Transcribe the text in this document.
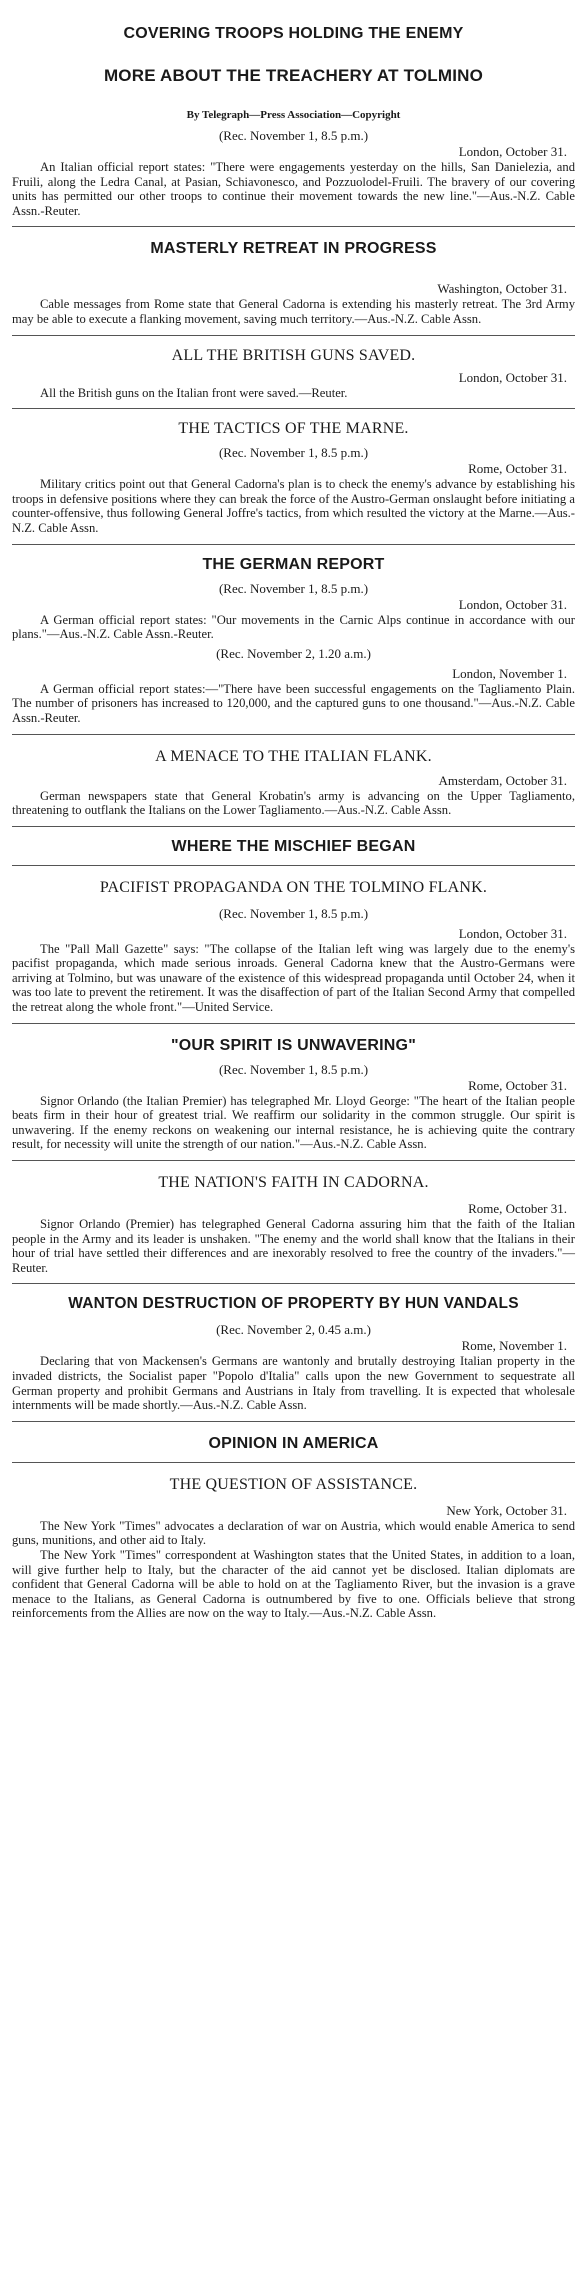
COVERING TROOPS HOLDING THE ENEMY
MORE ABOUT THE TREACHERY AT TOLMINO

By Telegraph—Press Association—Copyright

(Rec. November 1, 8.5 p.m.)

London, October 31.

An Italian official report states: "There were engagements yesterday on the hills, San Danielezia, and Fruili, along the Ledra Canal, at Pasian, Schiavonesco, and Pozzuolodel-Fruili. The bravery of our covering units has permitted our other troops to continue their movement towards the new line."—Aus.-N.Z. Cable Assn.-Reuter.

MASTERLY RETREAT IN PROGRESS

Washington, October 31.

Cable messages from Rome state that General Cadorna is extending his masterly retreat. The 3rd Army may be able to execute a flanking movement, saving much territory.—Aus.-N.Z. Cable Assn.

ALL THE BRITISH GUNS SAVED.

London, October 31.

All the British guns on the Italian front were saved.—Reuter.

THE TACTICS OF THE MARNE.

(Rec. November 1, 8.5 p.m.)

Rome, October 31.

Military critics point out that General Cadorna's plan is to check the enemy's advance by establishing his troops in defensive positions where they can break the force of the Austro-German onslaught before initiating a counter-offensive, thus following General Joffre's tactics, from which resulted the victory at the Marne.—Aus.-N.Z. Cable Assn.

THE GERMAN REPORT

(Rec. November 1, 8.5 p.m.)

London, October 31.

A German official report states: "Our movements in the Carnic Alps continue in accordance with our plans."—Aus.-N.Z. Cable Assn.-Reuter.

(Rec. November 2, 1.20 a.m.)

London, November 1.

A German official report states:—"There have been successful engagements on the Tagliamento Plain. The number of prisoners has increased to 120,000, and the captured guns to one thousand."—Aus.-N.Z. Cable Assn.-Reuter.

A MENACE TO THE ITALIAN FLANK.

Amsterdam, October 31.

German newspapers state that General Krobatin's army is advancing on the Upper Tagliamento, threatening to outflank the Italians on the Lower Tagliamento.—Aus.-N.Z. Cable Assn.

WHERE THE MISCHIEF BEGAN
PACIFIST PROPAGANDA ON THE TOLMINO FLANK.

(Rec. November 1, 8.5 p.m.)

London, October 31.

The "Pall Mall Gazette" says: "The collapse of the Italian left wing was largely due to the enemy's pacifist propaganda, which made serious inroads. General Cadorna knew that the Austro-Germans were arriving at Tolmino, but was unaware of the existence of this widespread propaganda until October 24, when it was too late to prevent the retirement. It was the disaffection of part of the Italian Second Army that compelled the retreat along the whole front."—United Service.

"OUR SPIRIT IS UNWAVERING"

(Rec. November 1, 8.5 p.m.)

Rome, October 31.

Signor Orlando (the Italian Premier) has telegraphed Mr. Lloyd George: "The heart of the Italian people beats firm in their hour of greatest trial. We reaffirm our solidarity in the common struggle. Our spirit is unwavering. If the enemy reckons on weakening our internal resistance, he is achieving quite the contrary result, for necessity will unite the strength of our nation."—Aus.-N.Z. Cable Assn.

THE NATION'S FAITH IN CADORNA.

Rome, October 31.

Signor Orlando (Premier) has telegraphed General Cadorna assuring him that the faith of the Italian people in the Army and its leader is unshaken. "The enemy and the world shall know that the Italians in their hour of trial have settled their differences and are inexorably resolved to free the country of the invaders."—Reuter.

WANTON DESTRUCTION OF PROPERTY BY HUN VANDALS

(Rec. November 2, 0.45 a.m.)

Rome, November 1.

Declaring that von Mackensen's Germans are wantonly and brutally destroying Italian property in the invaded districts, the Socialist paper "Popolo d'Italia" calls upon the new Government to sequestrate all German property and prohibit Germans and Austrians in Italy from travelling. It is expected that wholesale internments will be made shortly.—Aus.-N.Z. Cable Assn.

OPINION IN AMERICA
THE QUESTION OF ASSISTANCE.

New York, October 31.

The New York "Times" advocates a declaration of war on Austria, which would enable America to send guns, munitions, and other aid to Italy.

The New York "Times" correspondent at Washington states that the United States, in addition to a loan, will give further help to Italy, but the character of the aid cannot yet be disclosed. Italian diplomats are confident that General Cadorna will be able to hold on at the Tagliamento River, but the invasion is a grave menace to the Italians, as General Cadorna is outnumbered by five to one. Officials believe that strong reinforcements from the Allies are now on the way to Italy.—Aus.-N.Z. Cable Assn.
